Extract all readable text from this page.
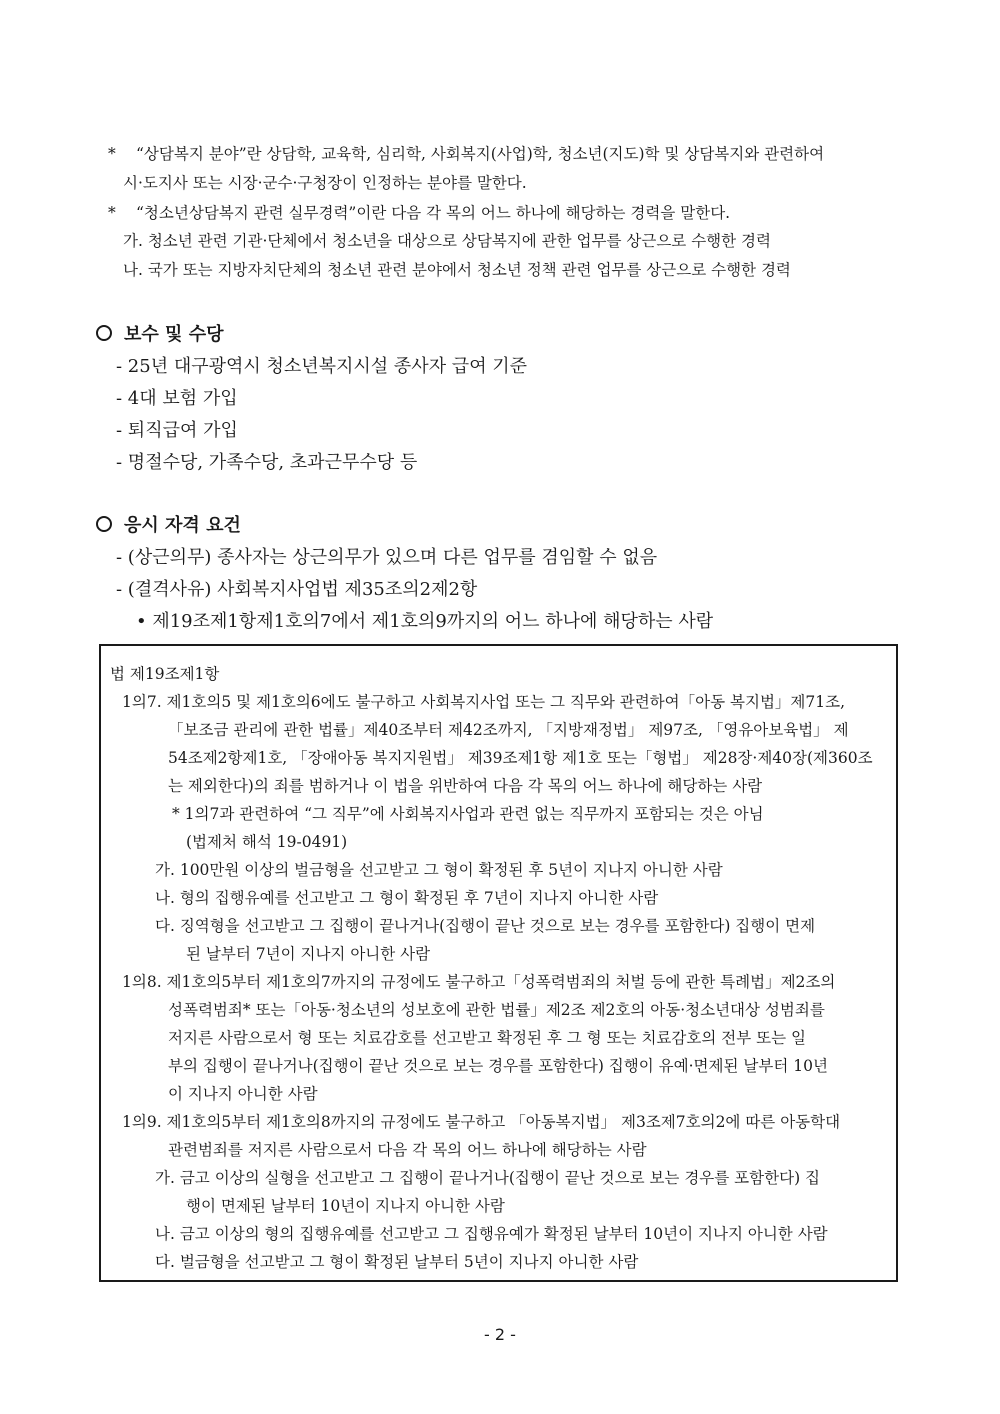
* “상담복지 분야”란 상담학, 교육학, 심리학, 사회복지(사업)학, 청소년(지도)학 및 상담복지와 관련하여
시·도지사 또는 시장·군수·구청장이 인정하는 분야를 말한다.
* “청소년상담복지 관련 실무경력”이란 다음 각 목의 어느 하나에 해당하는 경력을 말한다.
가. 청소년 관련 기관·단체에서 청소년을 대상으로 상담복지에 관한 업무를 상근으로 수행한 경력
나. 국가 또는 지방자치단체의 청소년 관련 분야에서 청소년 정책 관련 업무를 상근으로 수행한 경력
보수 및 수당
- 25년 대구광역시 청소년복지시설 종사자 급여 기준
- 4대 보험 가입
- 퇴직급여 가입
- 명절수당, 가족수당, 초과근무수당 등
응시 자격 요건
- (상근의무) 종사자는 상근의무가 있으며 다른 업무를 겸임할 수 없음
- (결격사유) 사회복지사업법 제35조의2제2항
• 제19조제1항제1호의7에서 제1호의9까지의 어느 하나에 해당하는 사람
법 제19조제1항
1의7. 제1호의5 및 제1호의6에도 불구하고 사회복지사업 또는 그 직무와 관련하여「아동 복지법」제71조,
「보조금 관리에 관한 법률」제40조부터 제42조까지, 「지방재정법」 제97조, 「영유아보육법」 제
54조제2항제1호, 「장애아동 복지지원법」 제39조제1항 제1호 또는「형법」 제28장·제40장(제360조
는 제외한다)의 죄를 범하거나 이 법을 위반하여 다음 각 목의 어느 하나에 해당하는 사람
* 1의7과 관련하여 “그 직무”에 사회복지사업과 관련 없는 직무까지 포함되는 것은 아님
(법제처 해석 19-0491)
가. 100만원 이상의 벌금형을 선고받고 그 형이 확정된 후 5년이 지나지 아니한 사람
나. 형의 집행유예를 선고받고 그 형이 확정된 후 7년이 지나지 아니한 사람
다. 징역형을 선고받고 그 집행이 끝나거나(집행이 끝난 것으로 보는 경우를 포함한다) 집행이 면제
된 날부터 7년이 지나지 아니한 사람
1의8. 제1호의5부터 제1호의7까지의 규정에도 불구하고「성폭력범죄의 처벌 등에 관한 특례법」제2조의
성폭력범죄* 또는「아동·청소년의 성보호에 관한 법률」제2조 제2호의 아동·청소년대상 성범죄를
저지른 사람으로서 형 또는 치료감호를 선고받고 확정된 후 그 형 또는 치료감호의 전부 또는 일
부의 집행이 끝나거나(집행이 끝난 것으로 보는 경우를 포함한다) 집행이 유예·면제된 날부터 10년
이 지나지 아니한 사람
1의9. 제1호의5부터 제1호의8까지의 규정에도 불구하고 「아동복지법」 제3조제7호의2에 따른 아동학대
관련범죄를 저지른 사람으로서 다음 각 목의 어느 하나에 해당하는 사람
가. 금고 이상의 실형을 선고받고 그 집행이 끝나거나(집행이 끝난 것으로 보는 경우를 포함한다) 집
행이 면제된 날부터 10년이 지나지 아니한 사람
나. 금고 이상의 형의 집행유예를 선고받고 그 집행유예가 확정된 날부터 10년이 지나지 아니한 사람
다. 벌금형을 선고받고 그 형이 확정된 날부터 5년이 지나지 아니한 사람
- 2 -
